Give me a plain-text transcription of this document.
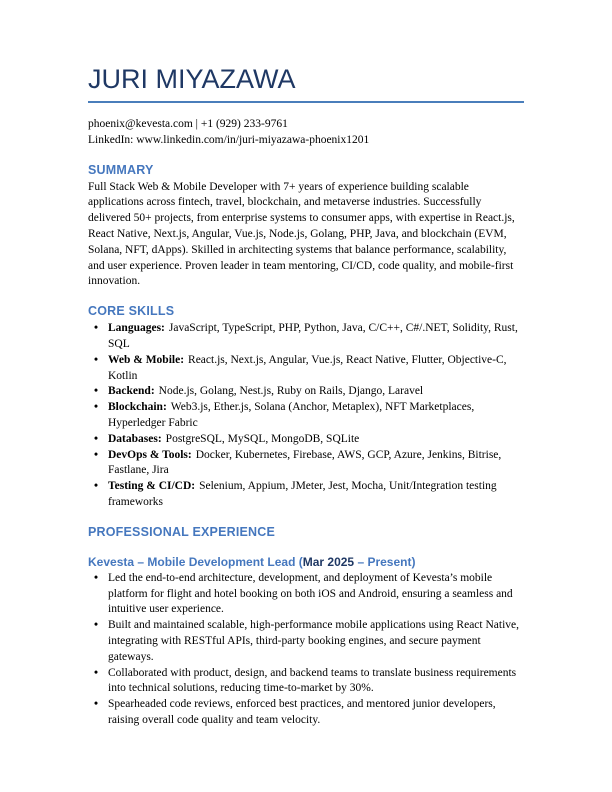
JURI MIYAZAWA
phoenix@kevesta.com | +1 (929) 233-9761
LinkedIn: www.linkedin.com/in/juri-miyazawa-phoenix1201
SUMMARY

Full Stack Web & Mobile Developer with 7+ years of experience building scalable applications across fintech, travel, blockchain, and metaverse industries. Successfully delivered 50+ projects, from enterprise systems to consumer apps, with expertise in React.js, React Native, Next.js, Angular, Vue.js, Node.js, Golang, PHP, Java, and blockchain (EVM, Solana, NFT, dApps). Skilled in architecting systems that balance performance, scalability, and user experience. Proven leader in team mentoring, CI/CD, code quality, and mobile-first innovation.

CORE SKILLS
• Languages: JavaScript, TypeScript, PHP, Python, Java, C/C++, C#/.NET, Solidity, Rust, SQL
• Web & Mobile: React.js, Next.js, Angular, Vue.js, React Native, Flutter, Objective-C, Kotlin
• Backend: Node.js, Golang, Nest.js, Ruby on Rails, Django, Laravel
• Blockchain: Web3.js, Ether.js, Solana (Anchor, Metaplex), NFT Marketplaces, Hyperledger Fabric
• Databases: PostgreSQL, MySQL, MongoDB, SQLite
• DevOps & Tools: Docker, Kubernetes, Firebase, AWS, GCP, Azure, Jenkins, Bitrise, Fastlane, Jira
• Testing & CI/CD: Selenium, Appium, JMeter, Jest, Mocha, Unit/Integration testing frameworks
PROFESSIONAL EXPERIENCE
Kevesta – Mobile Development Lead (Mar 2025 – Present)
• Led the end-to-end architecture, development, and deployment of Kevesta’s mobile platform for flight and hotel booking on both iOS and Android, ensuring a seamless and intuitive user experience.
• Built and maintained scalable, high-performance mobile applications using React Native, integrating with RESTful APIs, third-party booking engines, and secure payment gateways.
• Collaborated with product, design, and backend teams to translate business requirements into technical solutions, reducing time-to-market by 30%.
• Spearheaded code reviews, enforced best practices, and mentored junior developers, raising overall code quality and team velocity.
